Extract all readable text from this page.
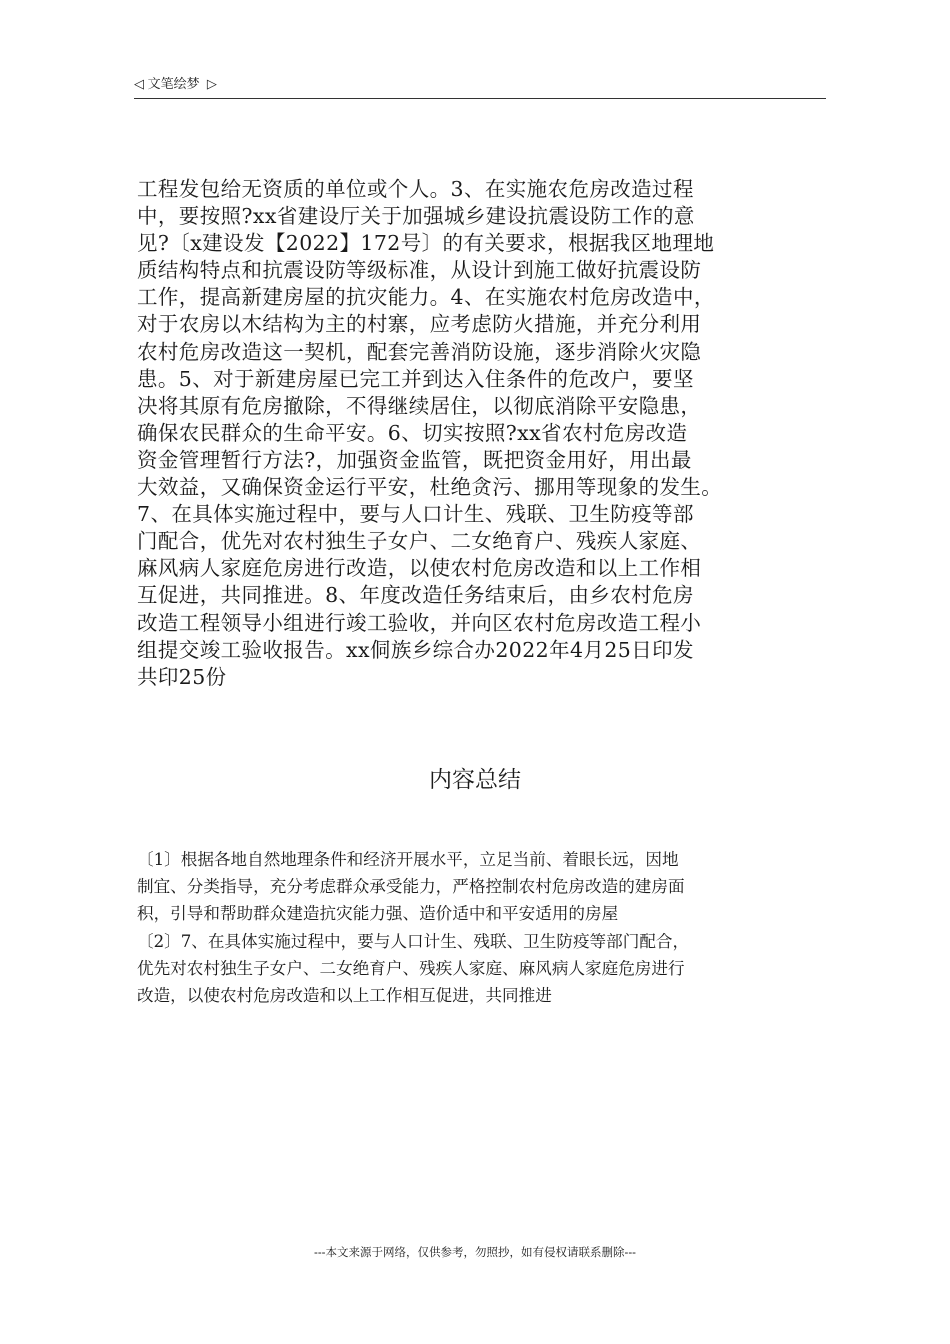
◁ 文笔绘梦 ▷
工程发包给无资质的单位或个人。3、在实施农危房改造过程
中，要按照?xx省建设厅关于加强城乡建设抗震设防工作的意
见?〔x建设发【2022】172号〕的有关要求，根据我区地理地
质结构特点和抗震设防等级标准，从设计到施工做好抗震设防
工作，提高新建房屋的抗灾能力。4、在实施农村危房改造中，
对于农房以木结构为主的村寨，应考虑防火措施，并充分利用
农村危房改造这一契机，配套完善消防设施，逐步消除火灾隐
患。5、对于新建房屋已完工并到达入住条件的危改户，要坚
决将其原有危房撤除，不得继续居住，以彻底消除平安隐患，
确保农民群众的生命平安。6、切实按照?xx省农村危房改造
资金管理暂行方法?，加强资金监管，既把资金用好，用出最
大效益，又确保资金运行平安，杜绝贪污、挪用等现象的发生。
7、在具体实施过程中，要与人口计生、残联、卫生防疫等部
门配合，优先对农村独生子女户、二女绝育户、残疾人家庭、
麻风病人家庭危房进行改造，以使农村危房改造和以上工作相
互促进，共同推进。8、年度改造任务结束后，由乡农村危房
改造工程领导小组进行竣工验收，并向区农村危房改造工程小
组提交竣工验收报告。xx侗族乡综合办2022年4月25日印发
共印25份
内容总结
〔1〕根据各地自然地理条件和经济开展水平，立足当前、着眼长远，因地
制宜、分类指导，充分考虑群众承受能力，严格控制农村危房改造的建房面
积，引导和帮助群众建造抗灾能力强、造价适中和平安适用的房屋
〔2〕7、在具体实施过程中，要与人口计生、残联、卫生防疫等部门配合，
优先对农村独生子女户、二女绝育户、残疾人家庭、麻风病人家庭危房进行
改造，以使农村危房改造和以上工作相互促进，共同推进
---本文来源于网络，仅供参考，勿照抄，如有侵权请联系删除---
